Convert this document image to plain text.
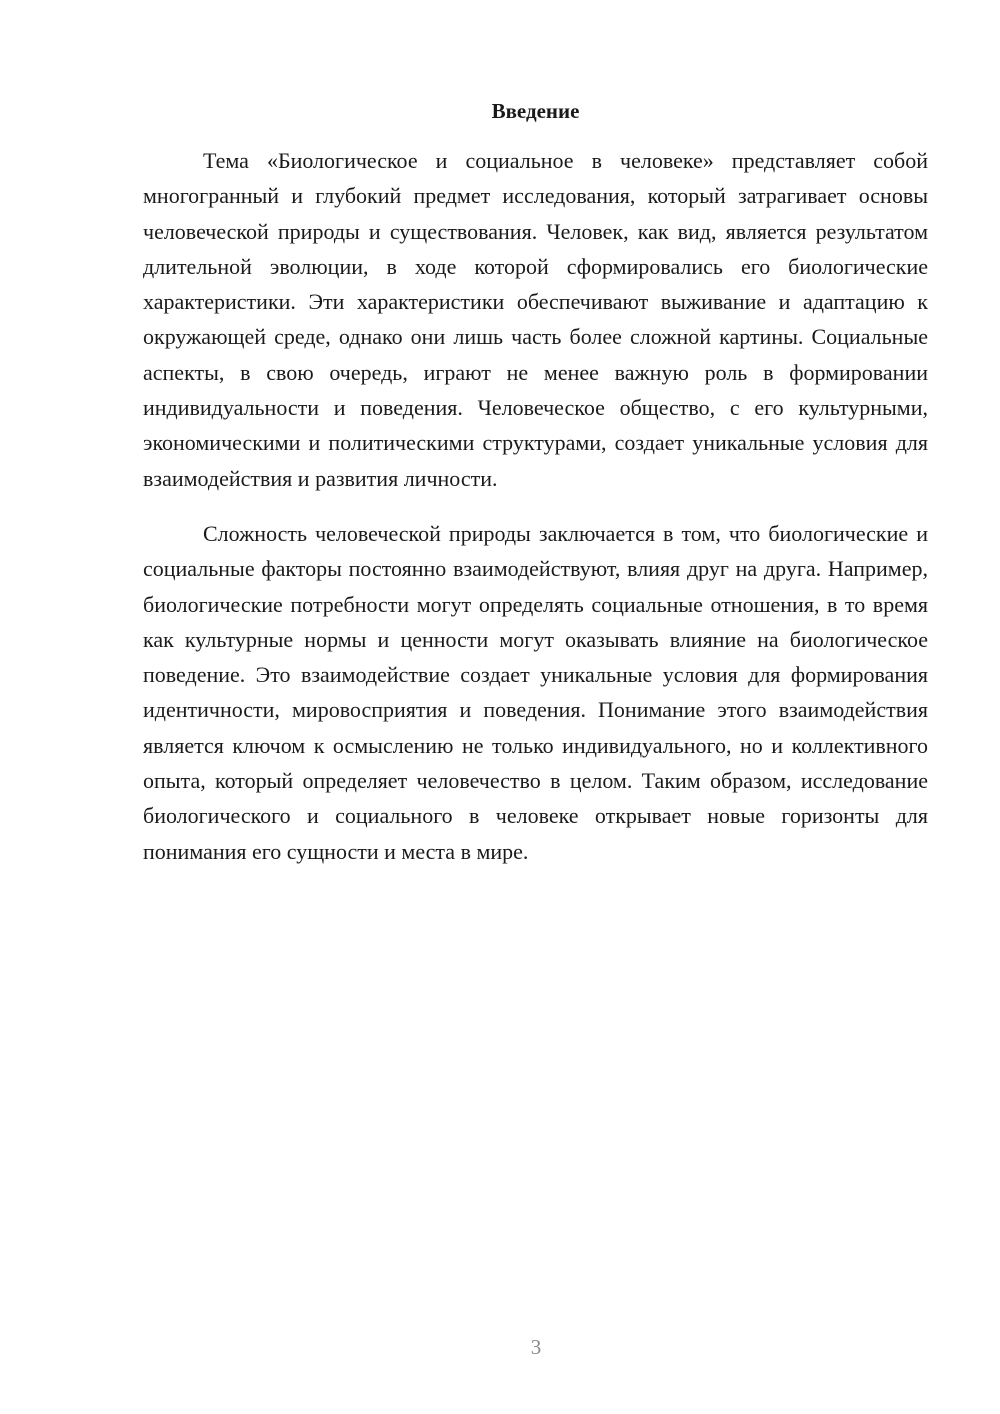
Введение

Тема «Биологическое и социальное в человеке» представляет собой многогранный и глубокий предмет исследования, который затрагивает основы человеческой природы и существования. Человек, как вид, является результатом длительной эволюции, в ходе которой сформировались его биологические характеристики. Эти характеристики обеспечивают выживание и адаптацию к окружающей среде, однако они лишь часть более сложной картины. Социальные аспекты, в свою очередь, играют не менее важную роль в формировании индивидуальности и поведения. Человеческое общество, с его культурными, экономическими и политическими структурами, создает уникальные условия для взаимодействия и развития личности.

Сложность человеческой природы заключается в том, что биологические и социальные факторы постоянно взаимодействуют, влияя друг на друга. Например, биологические потребности могут определять социальные отношения, в то время как культурные нормы и ценности могут оказывать влияние на биологическое поведение. Это взаимодействие создает уникальные условия для формирования идентичности, мировосприятия и поведения. Понимание этого взаимодействия является ключом к осмыслению не только индивидуального, но и коллективного опыта, который определяет человечество в целом. Таким образом, исследование биологического и социального в человеке открывает новые горизонты для понимания его сущности и места в мире.

3
